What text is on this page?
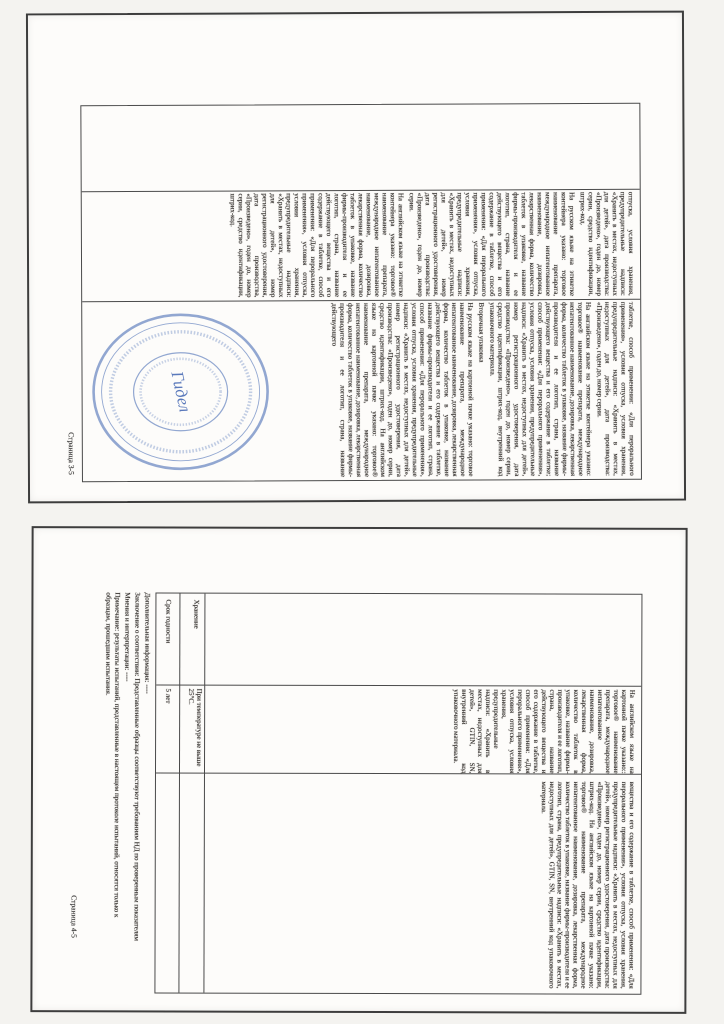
отпуска, условия хранения, предупредительные надписи: «Хранить в местах, недоступных для детей», дата производства: «Произведено», годен до, номер серии, средство идентификации, штрих-код.

На русском языке на этикетке контейнера указано: торговое наименование препарата, международное непатентованное наименование, дозировка, лекарственная форма, количество таблеток в упаковке, название фирмы-производителя и ее логотип, страна, название действующего вещества и его содержание в таблетке, способ применения: «Для перорального применения», условия отпуска, условия хранения, предупредительные надписи: «Хранить в местах, недоступных для детей», номер регистрационного удостоверения, дата производства: «Произведено», годен до, номер серии.

На английском языке на этикетке контейнера указано: торговое® наименование препарата, международное непатентованное наименование, дозировка, лекарственная форма, количество таблеток в упаковке, название фирмы-производителя и ее логотип, страна, название действующего вещества и его содержание в таблетке, способ применения: «Для перорального применения», условия отпуска, условия хранения, предупредительные надписи: «Хранить в местах, недоступных для детей», номер регистрационного удостоверения, дата производства, «Произведено», годен до, номер серии, средство идентификации, штрих-код.

таблетке, способ применения: «Для перорального применения», условия отпуска, условия хранения, предупредительные надписи: «Хранить в местах, недоступных для детей», дата производства: «Произведено», годен до, номер серии.

На английском языке на этикетке контейнера указано: торговое® наименование препарата, международное непатентованное наименование, дозировка, лекарственная форма, количество таблеток в упаковке, название фирмы-производителя и ее логотип, страна, название действующего вещества и его содержание в таблетке; способ применения: «Для перорального применения», условия отпуска, условия хранения, предупредительные надписи: «Хранить в местах, недоступных для детей», номер регистрационного удостоверения, дата производства: «Произведено», годен до, номер серии, средство идентификации, штрих-код, внутренний код упаковочного материала.

Вторичная упаковка

На русском языке на картонной пачке указано: торговое наименование препарата, международное непатентованное наименование, дозировка, лекарственная форма, количество таблеток в упаковке, название действующего вещества и его содержание в таблетке, название фирмы-производителя и ее логотип, страна, способ применения: «Для перорального применения», условия отпуска, условия хранения, предупредительные надписи: «Хранить в местах, недоступных для детей», номер регистрационного удостоверения, дата производства: «Произведено», годен до, номер серии, средство идентификации, штрих-код. На английском языке на картонной пачке указано: торговое® наименование препарата, международное непатентованное наименование, дозировка, лекарственная форма, количество таблеток в упаковке, название фирмы-производителя и ее логотип, страна, название действующего

Страница 3-5
Гидел

На английском языке на картонной пачке указано:: торговое® наименование препарата, международное непатентованное наименование, дозировка, лекарственная форма, количество таблеток в упаковке, название фирмы-производителя и ее логотип, страна, название действующего вещества и его содержание в таблетке, способ применения: «Для перорального применения», условия отпуска, условия хранения, предупредительные надписи: «Хранить в местах, недоступных для детей», GTIN, SN, внутренний код упаковочного материала.

вещества и его содержание в таблетке, способ применения: «Для перорального применения», условия отпуска, условия хранения, предупредительные надписи: «Хранить в местах, недоступных для детей», номер регистрационного удостоверения, дата производства: «Произведено», годен до, номер серии, средство идентификации, штрих-код. На английском языке на картонной пачке указано: торговое® наименование препарата, международное непатентованное наименование, дозировка, лекарственная форма, количество таблеток в упаковке, название фирмы-производителя и ее логотип, страна, предупредительные надписи: «Хранить в местах, недоступных для детей», GTIN, SN, внутренний код упаковочного материала.

Хранение
При температуре не выше 25°С.
Срок годности
5 лет
Дополнительная информация: ----
Заключение о соответствии: Представленные образцы соответствуют требованиям НД по проверенным показателям
Мнения и интерпретации: ----
Примечание: результаты испытаний, представленные в настоящем протоколе испытаний, относятся только к образцам, прошедшим испытания.
Страница 4-5
